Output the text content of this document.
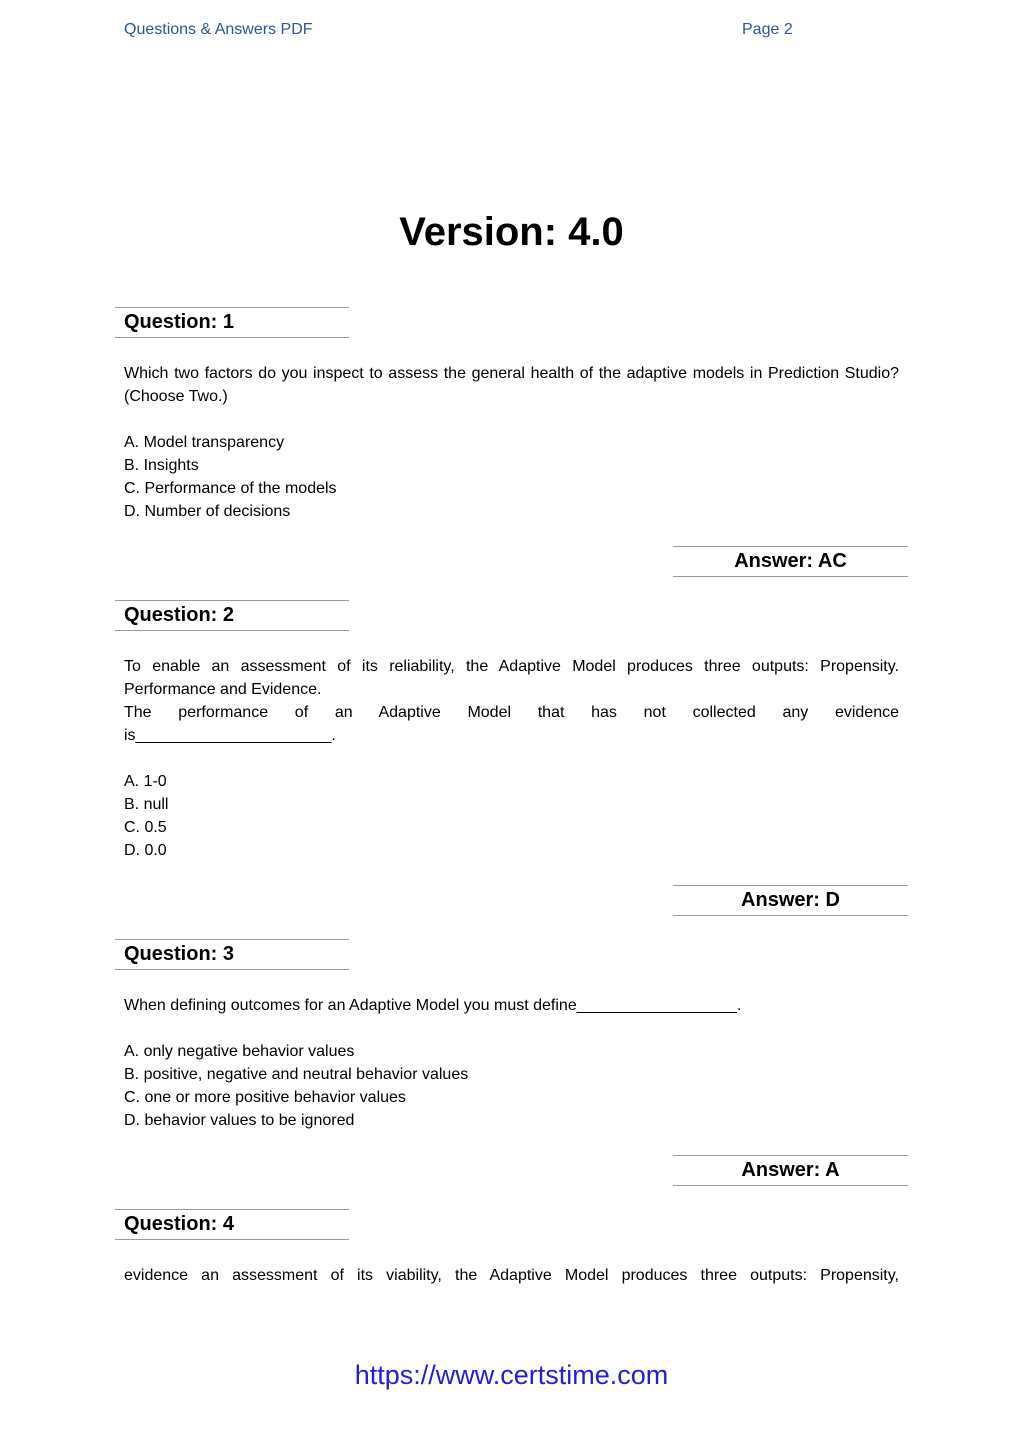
Questions & Answers PDF	Page 2
Version: 4.0
Question: 1
Which two factors do you inspect to assess the general health of the adaptive models in Prediction Studio? (Choose Two.)
A. Model transparency
B. Insights
C. Performance of the models
D. Number of decisions
Answer: AC
Question: 2
To enable an assessment of its reliability, the Adaptive Model produces three outputs: Propensity.
Performance and Evidence.
The performance of an Adaptive Model that has not collected any evidence
is______________________.
A. 1-0
B. null
C. 0.5
D. 0.0
Answer: D
Question: 3
When defining outcomes for an Adaptive Model you must define__________________.
A. only negative behavior values
B. positive, negative and neutral behavior values
C. one or more positive behavior values
D. behavior values to be ignored
Answer: A
Question: 4
evidence an assessment of its viability, the Adaptive Model produces three outputs: Propensity,
https://www.certstime.com
